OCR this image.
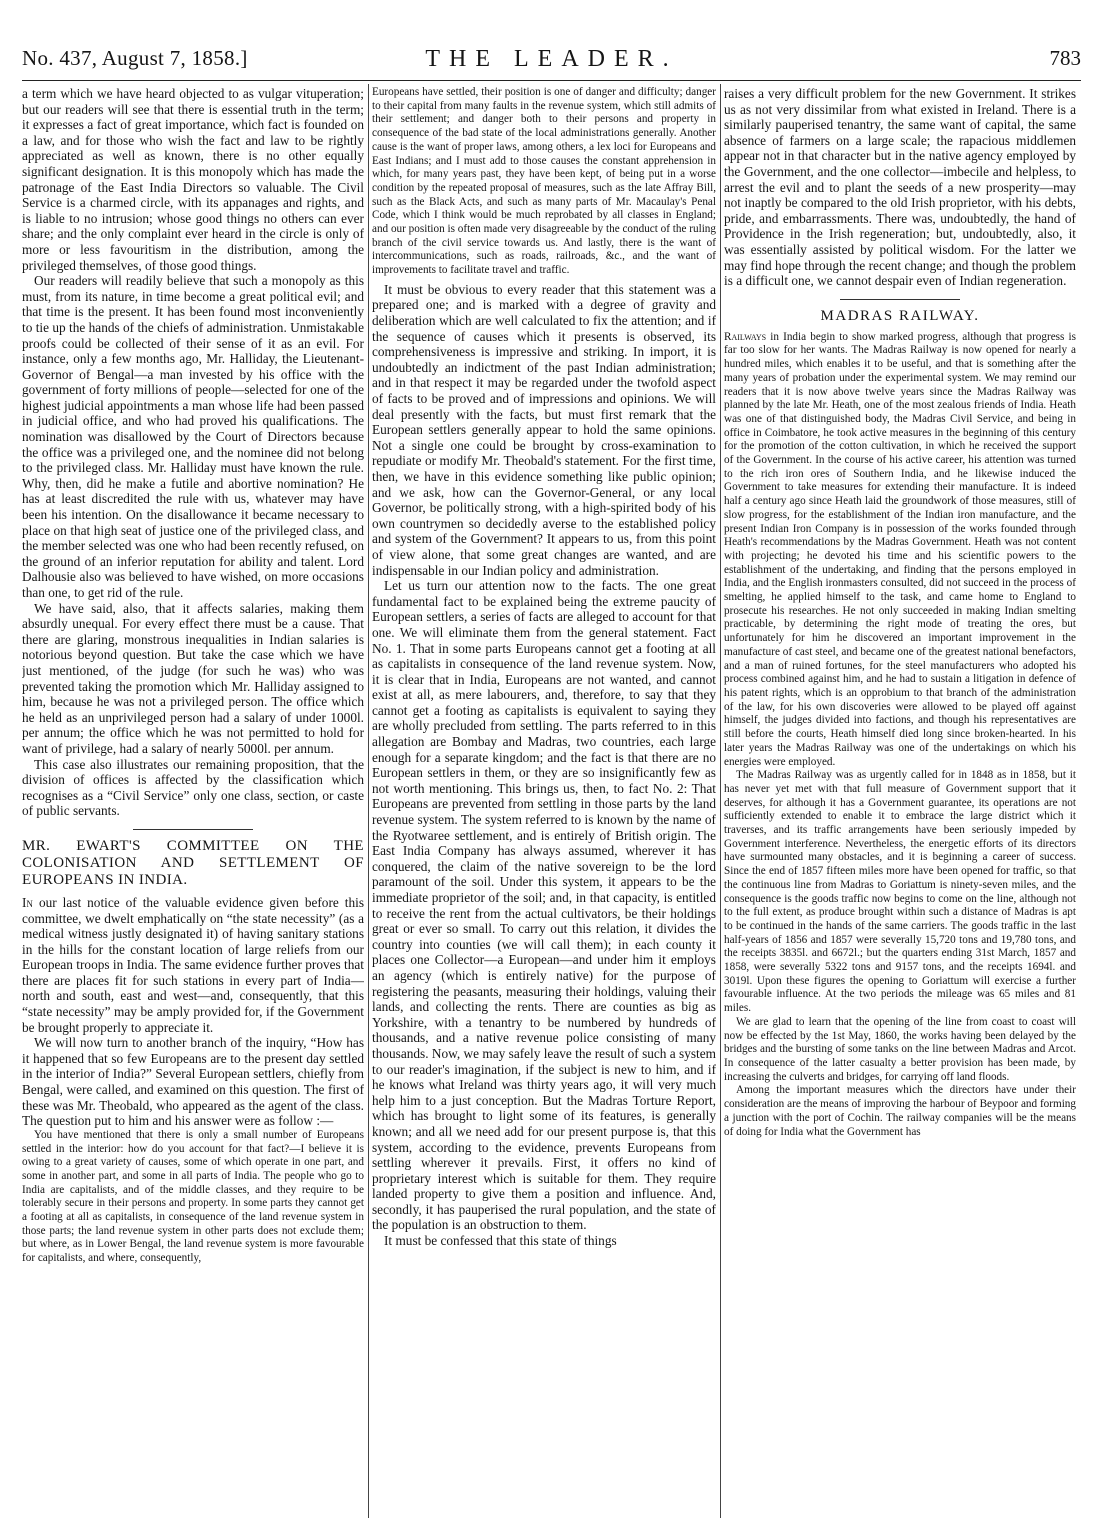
No. 437, August 7, 1858.]	THE LEADER.	783

a term which we have heard objected to as vulgar vituperation; but our readers will see that there is essential truth in the term; it expresses a fact of great importance, which fact is founded on a law, and for those who wish the fact and law to be rightly appreciated as well as known, there is no other equally significant designation. It is this monopoly which has made the patronage of the East India Directors so valuable. The Civil Service is a charmed circle, with its appanages and rights, and is liable to no intrusion; whose good things no others can ever share; and the only complaint ever heard in the circle is only of more or less favouritism in the distribution, among the privileged themselves, of those good things.

Our readers will readily believe that such a monopoly as this must, from its nature, in time become a great political evil; and that time is the present. It has been found most inconveniently to tie up the hands of the chiefs of administration. Unmistakable proofs could be collected of their sense of it as an evil. For instance, only a few months ago, Mr. Halliday, the Lieutenant-Governor of Bengal—a man invested by his office with the government of forty millions of people—selected for one of the highest judicial appointments a man whose life had been passed in judicial office, and who had proved his qualifications. The nomination was disallowed by the Court of Directors because the office was a privileged one, and the nominee did not belong to the privileged class. Mr. Halliday must have known the rule. Why, then, did he make a futile and abortive nomination? He has at least discredited the rule with us, whatever may have been his intention. On the disallowance it became necessary to place on that high seat of justice one of the privileged class, and the member selected was one who had been recently refused, on the ground of an inferior reputation for ability and talent. Lord Dalhousie also was believed to have wished, on more occasions than one, to get rid of the rule.

We have said, also, that it affects salaries, making them absurdly unequal. For every effect there must be a cause. That there are glaring, monstrous inequalities in Indian salaries is notorious beyond question. But take the case which we have just mentioned, of the judge (for such he was) who was prevented taking the promotion which Mr. Halliday assigned to him, because he was not a privileged person. The office which he held as an unprivileged person had a salary of under 1000l. per annum; the office which he was not permitted to hold for want of privilege, had a salary of nearly 5000l. per annum.

This case also illustrates our remaining proposition, that the division of offices is affected by the classification which recognises as a “Civil Service” only one class, section, or caste of public servants.

MR. EWART'S COMMITTEE ON THE COLONISATION AND SETTLEMENT OF EUROPEANS IN INDIA.

In our last notice of the valuable evidence given before this committee, we dwelt emphatically on “the state necessity” (as a medical witness justly designated it) of having sanitary stations in the hills for the constant location of large reliefs from our European troops in India. The same evidence further proves that there are places fit for such stations in every part of India—north and south, east and west—and, consequently, that this “state necessity” may be amply provided for, if the Government be brought properly to appreciate it.

We will now turn to another branch of the inquiry, “How has it happened that so few Europeans are to the present day settled in the interior of India?” Several European settlers, chiefly from Bengal, were called, and examined on this question. The first of these was Mr. Theobald, who appeared as the agent of the class. The question put to him and his answer were as follow :—

You have mentioned that there is only a small number of Europeans settled in the interior: how do you account for that fact?—I believe it is owing to a great variety of causes, some of which operate in one part, and some in another part, and some in all parts of India. The people who go to India are capitalists, and of the middle classes, and they require to be tolerably secure in their persons and property. In some parts they cannot get a footing at all as capitalists, in consequence of the land revenue system in those parts; the land revenue system in other parts does not exclude them; but where, as in Lower Bengal, the land revenue system is more favourable for capitalists, and where, consequently,

Europeans have settled, their position is one of danger and difficulty; danger to their capital from many faults in the revenue system, which still admits of their settlement; and danger both to their persons and property in consequence of the bad state of the local administrations generally. Another cause is the want of proper laws, among others, a lex loci for Europeans and East Indians; and I must add to those causes the constant apprehension in which, for many years past, they have been kept, of being put in a worse condition by the repeated proposal of measures, such as the late Affray Bill, such as the Black Acts, and such as many parts of Mr. Macaulay's Penal Code, which I think would be much reprobated by all classes in England; and our position is often made very disagreeable by the conduct of the ruling branch of the civil service towards us. And lastly, there is the want of intercommunications, such as roads, railroads, &c., and the want of improvements to facilitate travel and traffic.

It must be obvious to every reader that this statement was a prepared one; and is marked with a degree of gravity and deliberation which are well calculated to fix the attention; and if the sequence of causes which it presents is observed, its comprehensiveness is impressive and striking. In import, it is undoubtedly an indictment of the past Indian administration; and in that respect it may be regarded under the twofold aspect of facts to be proved and of impressions and opinions. We will deal presently with the facts, but must first remark that the European settlers generally appear to hold the same opinions. Not a single one could be brought by cross-examination to repudiate or modify Mr. Theobald's statement. For the first time, then, we have in this evidence something like public opinion; and we ask, how can the Governor-General, or any local Governor, be politically strong, with a high-spirited body of his own countrymen so decidedly averse to the established policy and system of the Government? It appears to us, from this point of view alone, that some great changes are wanted, and are indispensable in our Indian policy and administration.

Let us turn our attention now to the facts. The one great fundamental fact to be explained being the extreme paucity of European settlers, a series of facts are alleged to account for that one. We will eliminate them from the general statement. Fact No. 1. That in some parts Europeans cannot get a footing at all as capitalists in consequence of the land revenue system. Now, it is clear that in India, Europeans are not wanted, and cannot exist at all, as mere labourers, and, therefore, to say that they cannot get a footing as capitalists is equivalent to saying they are wholly precluded from settling. The parts referred to in this allegation are Bombay and Madras, two countries, each large enough for a separate kingdom; and the fact is that there are no European settlers in them, or they are so insignificantly few as not worth mentioning. This brings us, then, to fact No. 2: That Europeans are prevented from settling in those parts by the land revenue system. The system referred to is known by the name of the Ryotwaree settlement, and is entirely of British origin. The East India Company has always assumed, wherever it has conquered, the claim of the native sovereign to be the lord paramount of the soil. Under this system, it appears to be the immediate proprietor of the soil; and, in that capacity, is entitled to receive the rent from the actual cultivators, be their holdings great or ever so small. To carry out this relation, it divides the country into counties (we will call them); in each county it places one Collector—a European—and under him it employs an agency (which is entirely native) for the purpose of registering the peasants, measuring their holdings, valuing their lands, and collecting the rents. There are counties as big as Yorkshire, with a tenantry to be numbered by hundreds of thousands, and a native revenue police consisting of many thousands. Now, we may safely leave the result of such a system to our reader's imagination, if the subject is new to him, and if he knows what Ireland was thirty years ago, it will very much help him to a just conception. But the Madras Torture Report, which has brought to light some of its features, is generally known; and all we need add for our present purpose is, that this system, according to the evidence, prevents Europeans from settling wherever it prevails. First, it offers no kind of proprietary interest which is suitable for them. They require landed property to give them a position and influence. And, secondly, it has pauperised the rural population, and the state of the population is an obstruction to them.

It must be confessed that this state of things

raises a very difficult problem for the new Government. It strikes us as not very dissimilar from what existed in Ireland. There is a similarly pauperised tenantry, the same want of capital, the same absence of farmers on a large scale; the rapacious middlemen appear not in that character but in the native agency employed by the Government, and the one collector—imbecile and helpless, to arrest the evil and to plant the seeds of a new prosperity—may not inaptly be compared to the old Irish proprietor, with his debts, pride, and embarrassments. There was, undoubtedly, the hand of Providence in the Irish regeneration; but, undoubtedly, also, it was essentially assisted by political wisdom. For the latter we may find hope through the recent change; and though the problem is a difficult one, we cannot despair even of Indian regeneration.

MADRAS RAILWAY.

Railways in India begin to show marked progress, although that progress is far too slow for her wants. The Madras Railway is now opened for nearly a hundred miles, which enables it to be useful, and that is something after the many years of probation under the experimental system. We may remind our readers that it is now above twelve years since the Madras Railway was planned by the late Mr. Heath, one of the most zealous friends of India. Heath was one of that distinguished body, the Madras Civil Service, and being in office in Coimbatore, he took active measures in the beginning of this century for the promotion of the cotton cultivation, in which he received the support of the Government. In the course of his active career, his attention was turned to the rich iron ores of Southern India, and he likewise induced the Government to take measures for extending their manufacture. It is indeed half a century ago since Heath laid the groundwork of those measures, still of slow progress, for the establishment of the Indian iron manufacture, and the present Indian Iron Company is in possession of the works founded through Heath's recommendations by the Madras Government. Heath was not content with projecting; he devoted his time and his scientific powers to the establishment of the undertaking, and finding that the persons employed in India, and the English ironmasters consulted, did not succeed in the process of smelting, he applied himself to the task, and came home to England to prosecute his researches. He not only succeeded in making Indian smelting practicable, by determining the right mode of treating the ores, but unfortunately for him he discovered an important improvement in the manufacture of cast steel, and became one of the greatest national benefactors, and a man of ruined fortunes, for the steel manufacturers who adopted his process combined against him, and he had to sustain a litigation in defence of his patent rights, which is an opprobium to that branch of the administration of the law, for his own discoveries were allowed to be played off against himself, the judges divided into factions, and though his representatives are still before the courts, Heath himself died long since broken-hearted. In his later years the Madras Railway was one of the undertakings on which his energies were employed.

The Madras Railway was as urgently called for in 1848 as in 1858, but it has never yet met with that full measure of Government support that it deserves, for although it has a Government guarantee, its operations are not sufficiently extended to enable it to embrace the large district which it traverses, and its traffic arrangements have been seriously impeded by Government interference. Nevertheless, the energetic efforts of its directors have surmounted many obstacles, and it is beginning a career of success. Since the end of 1857 fifteen miles more have been opened for traffic, so that the continuous line from Madras to Goriattum is ninety-seven miles, and the consequence is the goods traffic now begins to come on the line, although not to the full extent, as produce brought within such a distance of Madras is apt to be continued in the hands of the same carriers. The goods traffic in the last half-years of 1856 and 1857 were severally 15,720 tons and 19,780 tons, and the receipts 3835l. and 6672l.; but the quarters ending 31st March, 1857 and 1858, were severally 5322 tons and 9157 tons, and the receipts 1694l. and 3019l. Upon these figures the opening to Goriattum will exercise a further favourable influence. At the two periods the mileage was 65 miles and 81 miles.

We are glad to learn that the opening of the line from coast to coast will now be effected by the 1st May, 1860, the works having been delayed by the bridges and the bursting of some tanks on the line between Madras and Arcot. In consequence of the latter casualty a better provision has been made, by increasing the culverts and bridges, for carrying off land floods.

Among the important measures which the directors have under their consideration are the means of improving the harbour of Beypoor and forming a junction with the port of Cochin. The railway companies will be the means of doing for India what the Government has
